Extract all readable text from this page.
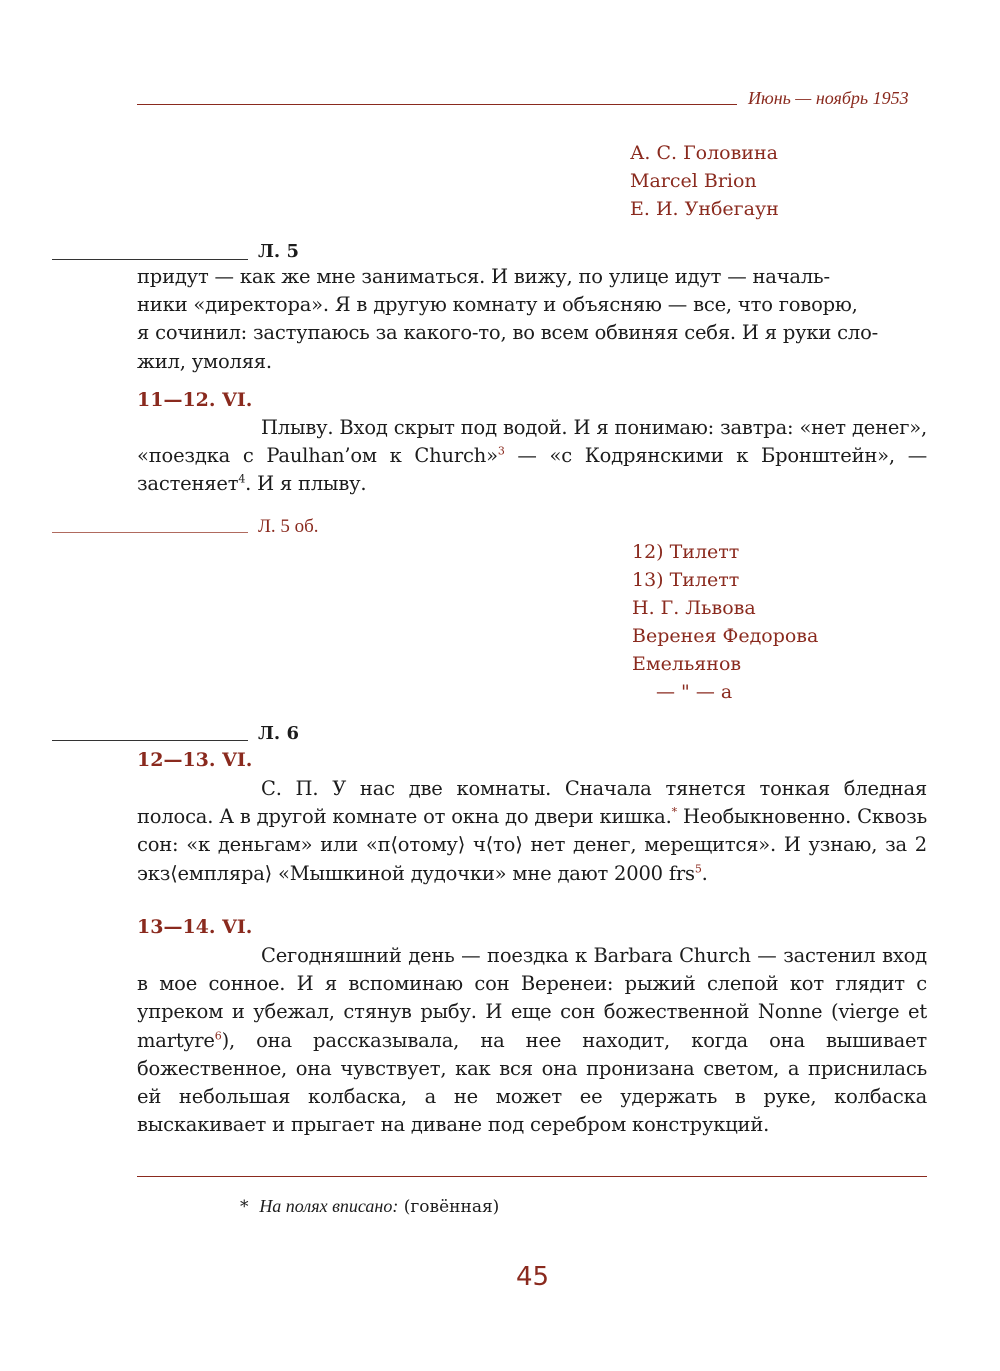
Июнь — ноябрь 1953
А. С. Головина
Marcel Brion
Е. И. Унбегаун
Л. 5
придут — как же мне заниматься. И вижу, по улице идут — началь-
ники «директора». Я в другую комнату и объясняю — все, что говорю,
я сочинил: заступаюсь за какого-то, во всем обвиняя себя. И я руки сло-
жил, умоляя.
11—12. VI.
Плыву. Вход скрыт под водой. И я понимаю: завтра: «нет денег», «поездка с Paulhan’ом к Church»$^3$ — «с Кодрянскими к Бронштейн», — застеняет$^4$. И я плыву.
Л. 5 об.
12) Тилетт
13) Тилетт
Н. Г. Львова
Веренея Федорова
Емельянов
— " — а
Л. 6
12—13. VI.
С. П. У нас две комнаты. Сначала тянется тонкая бледная полоса. А в другой комнате от окна до двери кишка.* Необыкновенно. Сквозь сон: «к деньгам» или «п⟨отому⟩ ч⟨то⟩ нет денег, мерещится». И узнаю, за 2 экз⟨емпляра⟩ «Мышкиной дудочки» мне дают 2000 frs$^5$.
13—14. VI.
Сегодняшний день — поездка к Barbara Church — застенил вход в мое сонное. И я вспоминаю сон Веренеи: рыжий слепой кот глядит с упреком и убежал, стянув рыбу. И еще сон божественной Nonne (vierge et martyre$^6$), она рассказывала, на нее находит, когда она вышивает божественное, она чувствует, как вся она пронизана светом, а приснилась ей небольшая колбаска, а не может ее удержать в руке, колбаска выскакивает и прыгает на диване под серебром конструкций.
* На полях вписано: (говённая)
45
